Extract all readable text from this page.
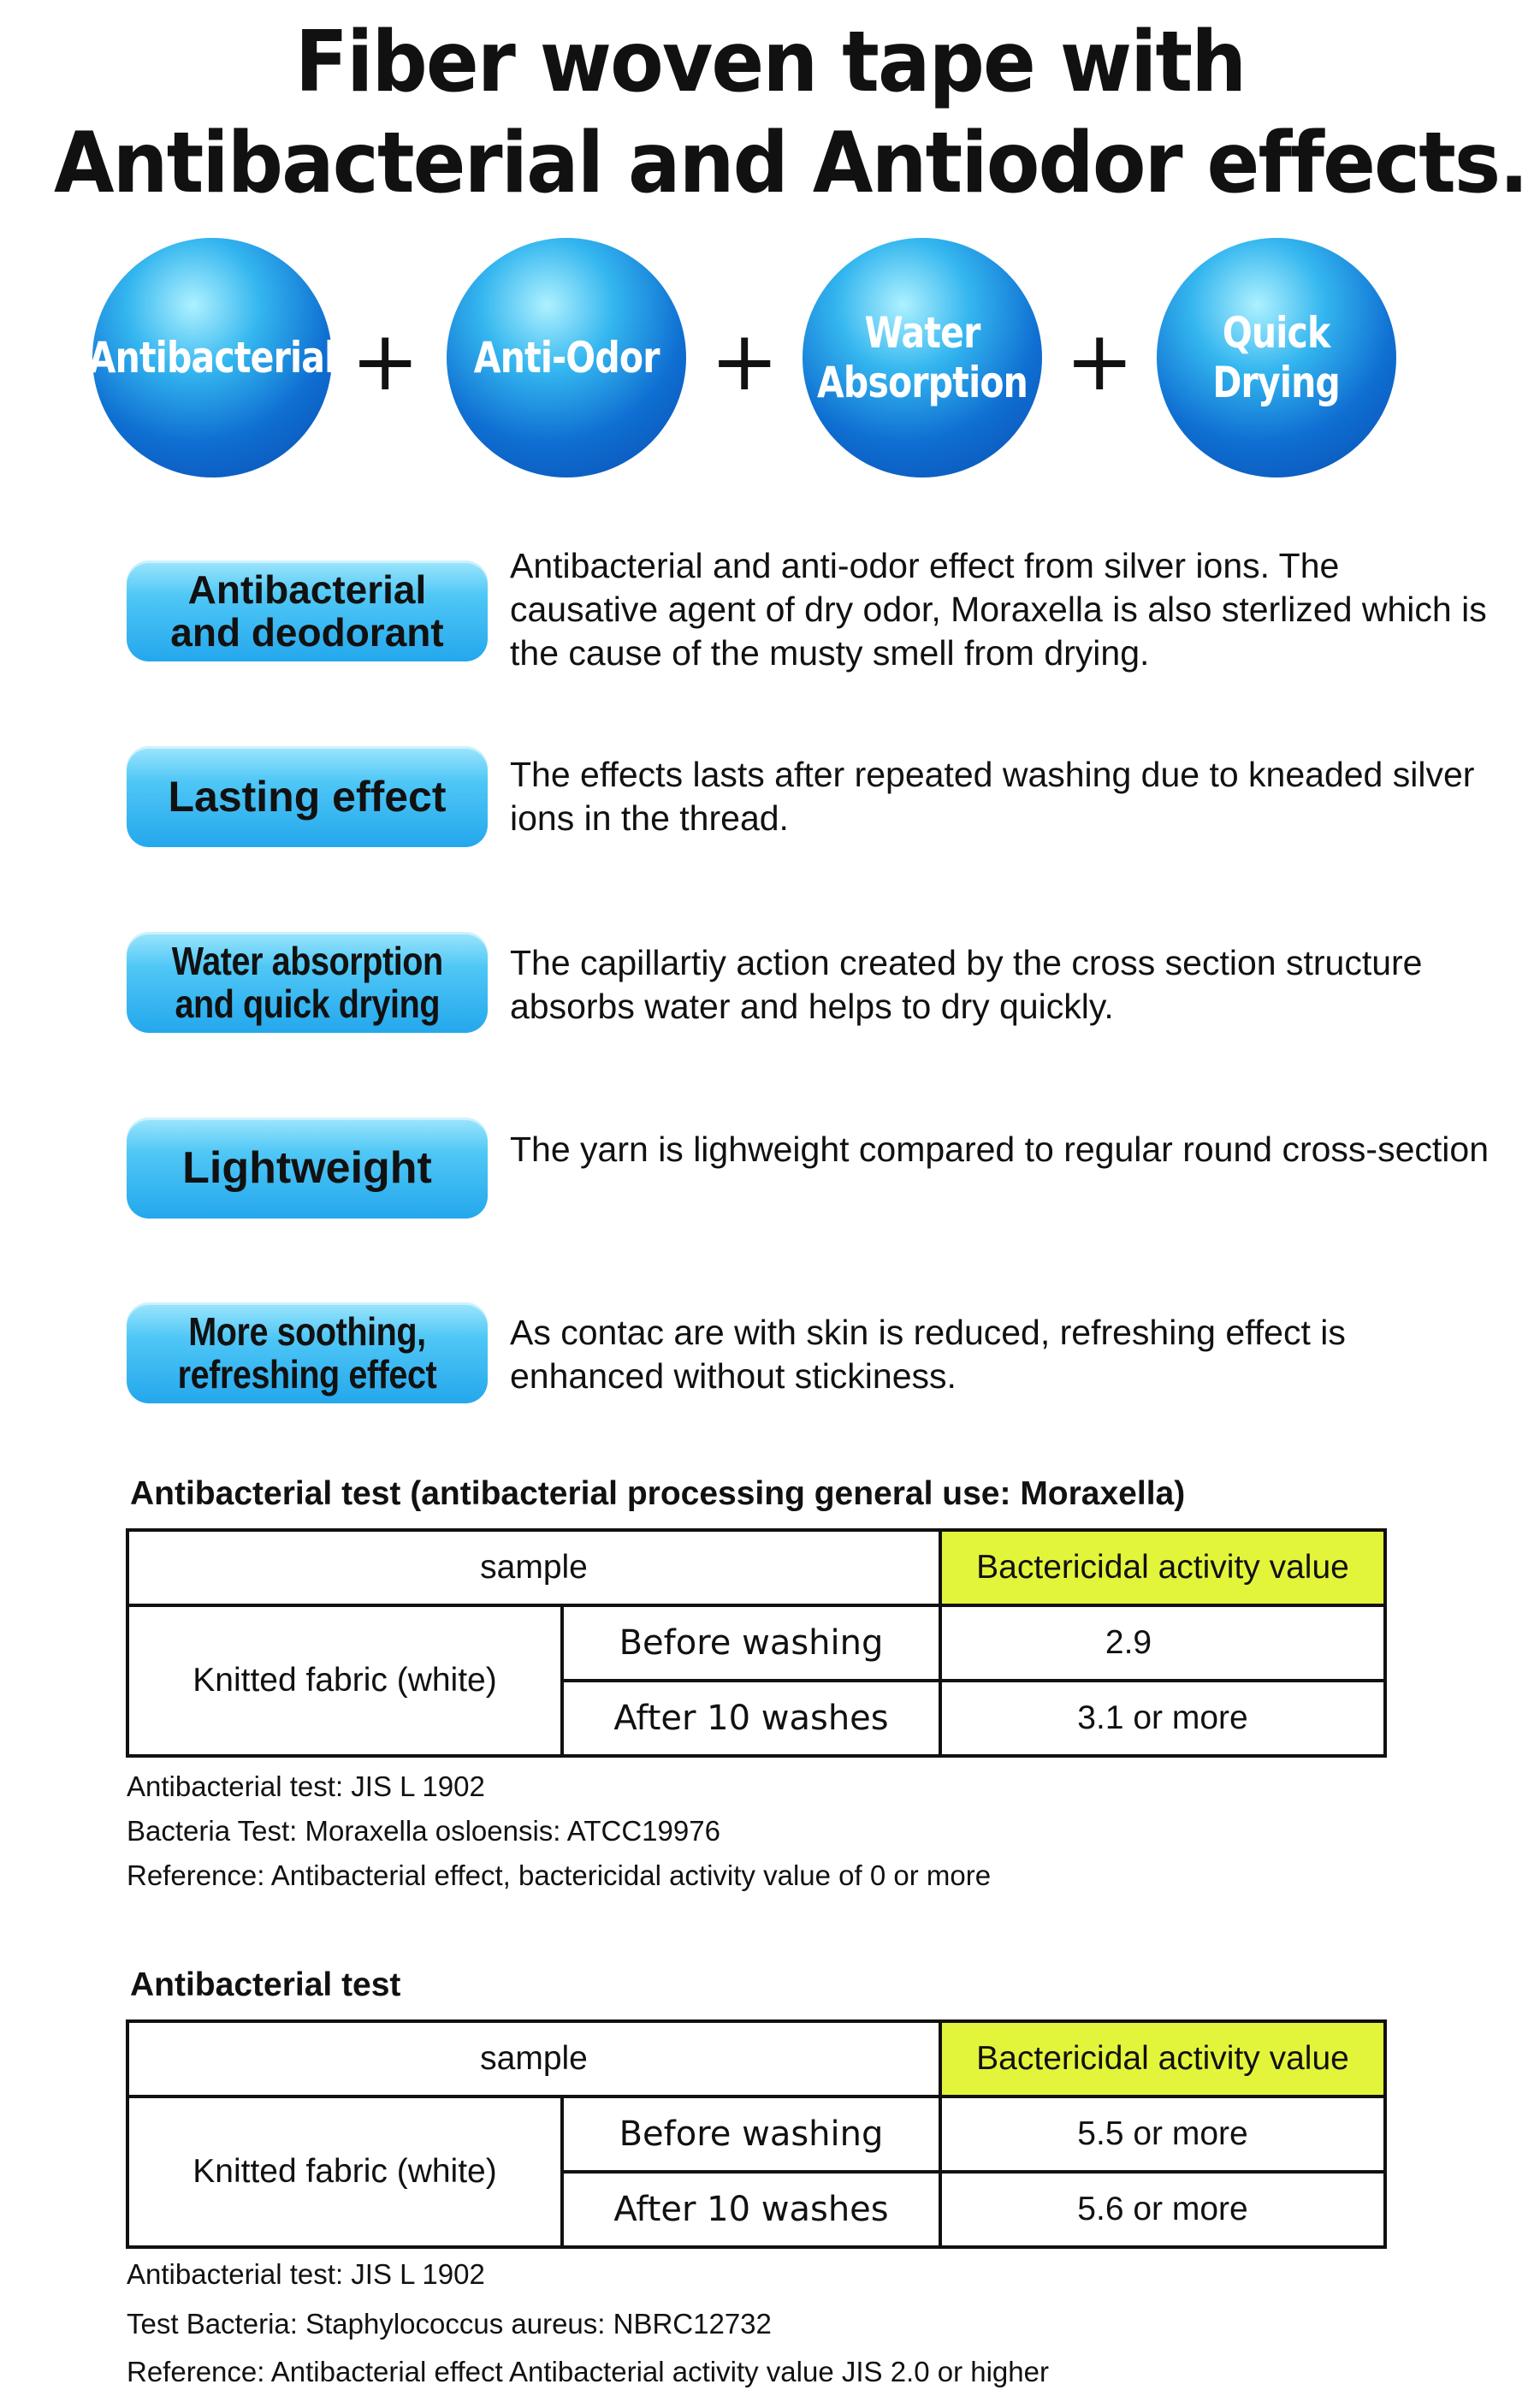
Fiber woven tape with
Antibacterial and Antiodor effects.
Antibacterial + Anti-Odor +	Water
Absorption + Quick
Drying
Antibacterial
and deodorant
Antibacterial and anti-odor effect from silver ions. The causative agent of dry odor, Moraxella is also sterlized which is the cause of the musty smell from drying.
Lasting effect The effects lasts after repeated washing due to kneaded silver ions in the thread.
Water absorption
and quick drying
The capillartiy action created by the cross section structure absorbs water and helps to dry quickly.
Lightweight The yarn is lighweight compared to regular round cross-section
More soothing,
refreshing effect
As contac are with skin is reduced, refreshing effect is enhanced without stickiness.
Antibacterial test (antibacterial processing general use: Moraxella)
sample		Bactericidal activity value
Knitted fabric (white)	Before washing	2.9
	After 10 washes	3.1 or more
Antibacterial test: JIS L 1902
Bacteria Test: Moraxella osloensis: ATCC19976
Reference: Antibacterial effect, bactericidal activity value of 0 or more
Antibacterial test
sample		Bactericidal activity value
Knitted fabric (white)	Before washing	5.5 or more
	After 10 washes	5.6 or more
Antibacterial test: JIS L 1902
Test Bacteria: Staphylococcus aureus: NBRC12732
Reference: Antibacterial effect Antibacterial activity value JIS 2.0 or higher
